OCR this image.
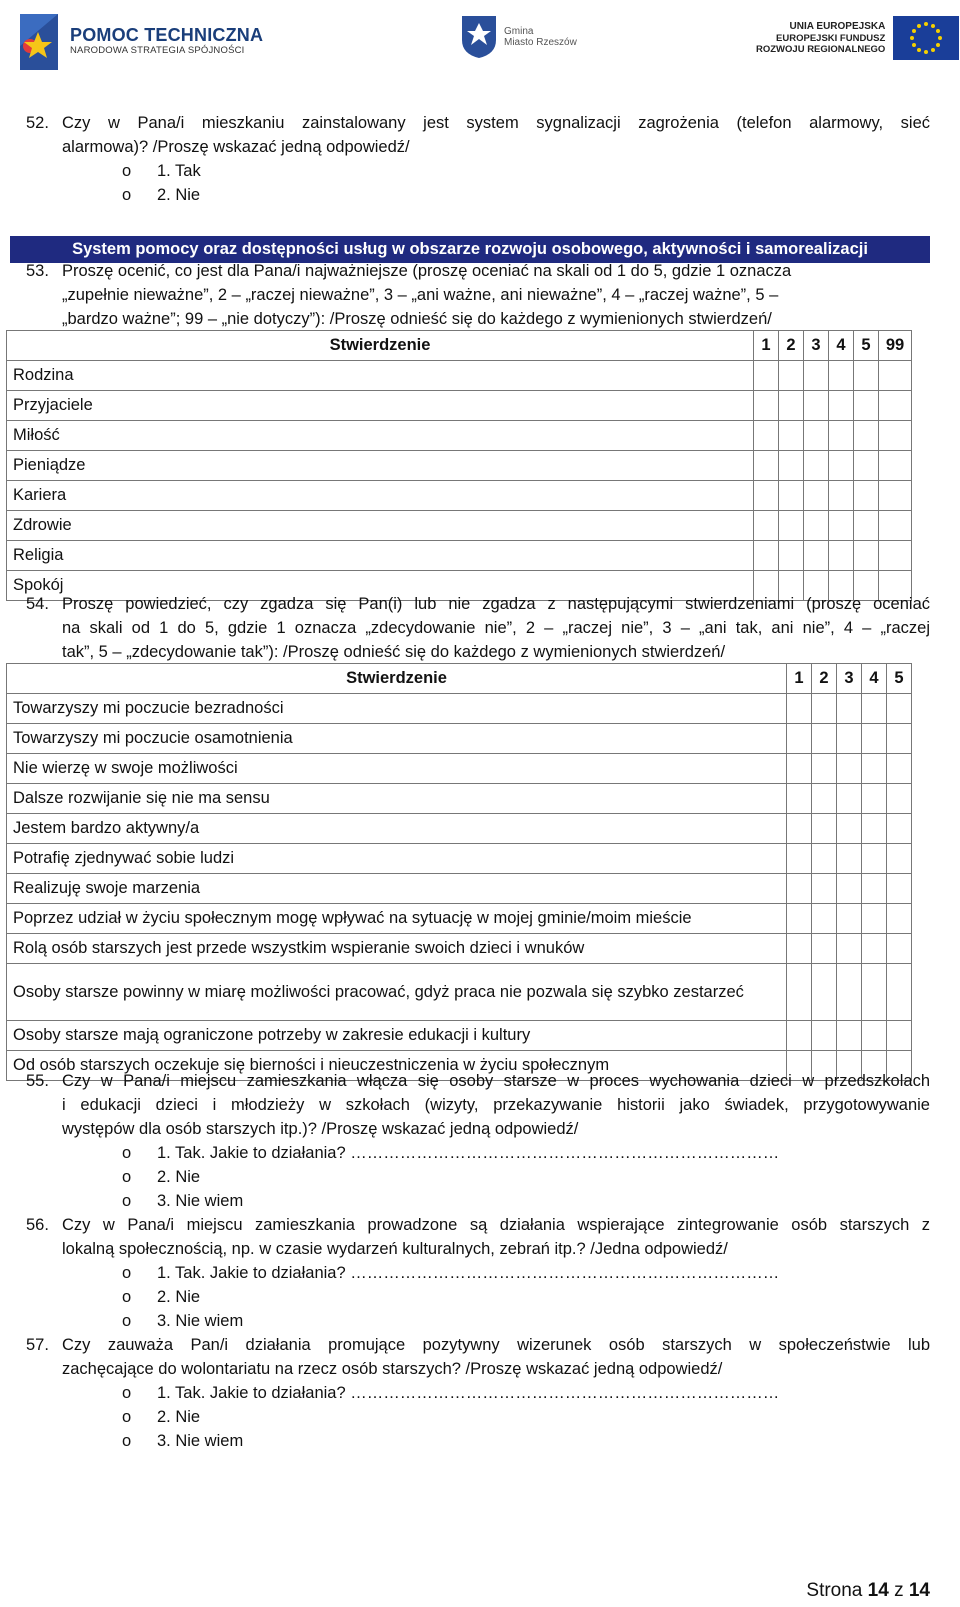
POMOC TECHNICZNA
NARODOWA STRATEGIA SPÓJNOŚCI
Gmina
Miasto Rzeszów
UNIA EUROPEJSKA
EUROPEJSKI FUNDUSZ
ROZWOJU REGIONALNEGO
52. Czy w Pana/i mieszkaniu zainstalowany jest system sygnalizacji zagrożenia (telefon alarmowy, sieć
alarmowa)? /Proszę wskazać jedną odpowiedź/
o 1. Tak
o 2. Nie
System pomocy oraz dostępności usług w obszarze rozwoju osobowego, aktywności i samorealizacji
53. Proszę ocenić, co jest dla Pana/i najważniejsze (proszę oceniać na skali od 1 do 5, gdzie 1 oznacza
„zupełnie nieważne”, 2 – „raczej nieważne”, 3 – „ani ważne, ani nieważne”, 4 – „raczej ważne”, 5 –
„bardzo ważne”; 99 – „nie dotyczy”): /Proszę odnieść się do każdego z wymienionych stwierdzeń/
Stwierdzenie	1	2	3	4	5	99
Rodzina						
Przyjaciele						
Miłość						
Pieniądze						
Kariera						
Zdrowie						
Religia						
Spokój						
54. Proszę powiedzieć, czy zgadza się Pan(i) lub nie zgadza z następującymi stwierdzeniami (proszę oceniać
na skali od 1 do 5, gdzie 1 oznacza „zdecydowanie nie”, 2 – „raczej nie”, 3 – „ani tak, ani nie”, 4 – „raczej
tak”, 5 – „zdecydowanie tak”): /Proszę odnieść się do każdego z wymienionych stwierdzeń/
Stwierdzenie	1	2	3	4	5
Towarzyszy mi poczucie bezradności					
Towarzyszy mi poczucie osamotnienia					
Nie wierzę w swoje możliwości					
Dalsze rozwijanie się nie ma sensu					
Jestem bardzo aktywny/a					
Potrafię zjednywać sobie ludzi					
Realizuję swoje marzenia					
Poprzez udział w życiu społecznym mogę wpływać na sytuację w mojej gminie/moim mieście					
Rolą osób starszych jest przede wszystkim wspieranie swoich dzieci i wnuków					
Osoby starsze powinny w miarę możliwości pracować, gdyż praca nie pozwala się szybko zestarzeć					
Osoby starsze mają ograniczone potrzeby w zakresie edukacji i kultury					
Od osób starszych oczekuje się bierności i nieuczestniczenia w życiu społecznym					
55. Czy w Pana/i miejscu zamieszkania włącza się osoby starsze w proces wychowania dzieci w przedszkolach
i edukacji dzieci i młodzieży w szkołach (wizyty, przekazywanie historii jako świadek, przygotowywanie
występów dla osób starszych itp.)? /Proszę wskazać jedną odpowiedź/
o 1. Tak. Jakie to działania? ……………………………………………………………………
o 2. Nie
o 3. Nie wiem
56. Czy w Pana/i miejscu zamieszkania prowadzone są działania wspierające zintegrowanie osób starszych z
lokalną społecznością, np. w czasie wydarzeń kulturalnych, zebrań itp.? /Jedna odpowiedź/
o 1. Tak. Jakie to działania? ……………………………………………………………………
o 2. Nie
o 3. Nie wiem
57. Czy zauważa Pan/i działania promujące pozytywny wizerunek osób starszych w społeczeństwie lub
zachęcające do wolontariatu na rzecz osób starszych? /Proszę wskazać jedną odpowiedź/
o 1. Tak. Jakie to działania? ……………………………………………………………………
o 2. Nie
o 3. Nie wiem
Strona 14 z 14
